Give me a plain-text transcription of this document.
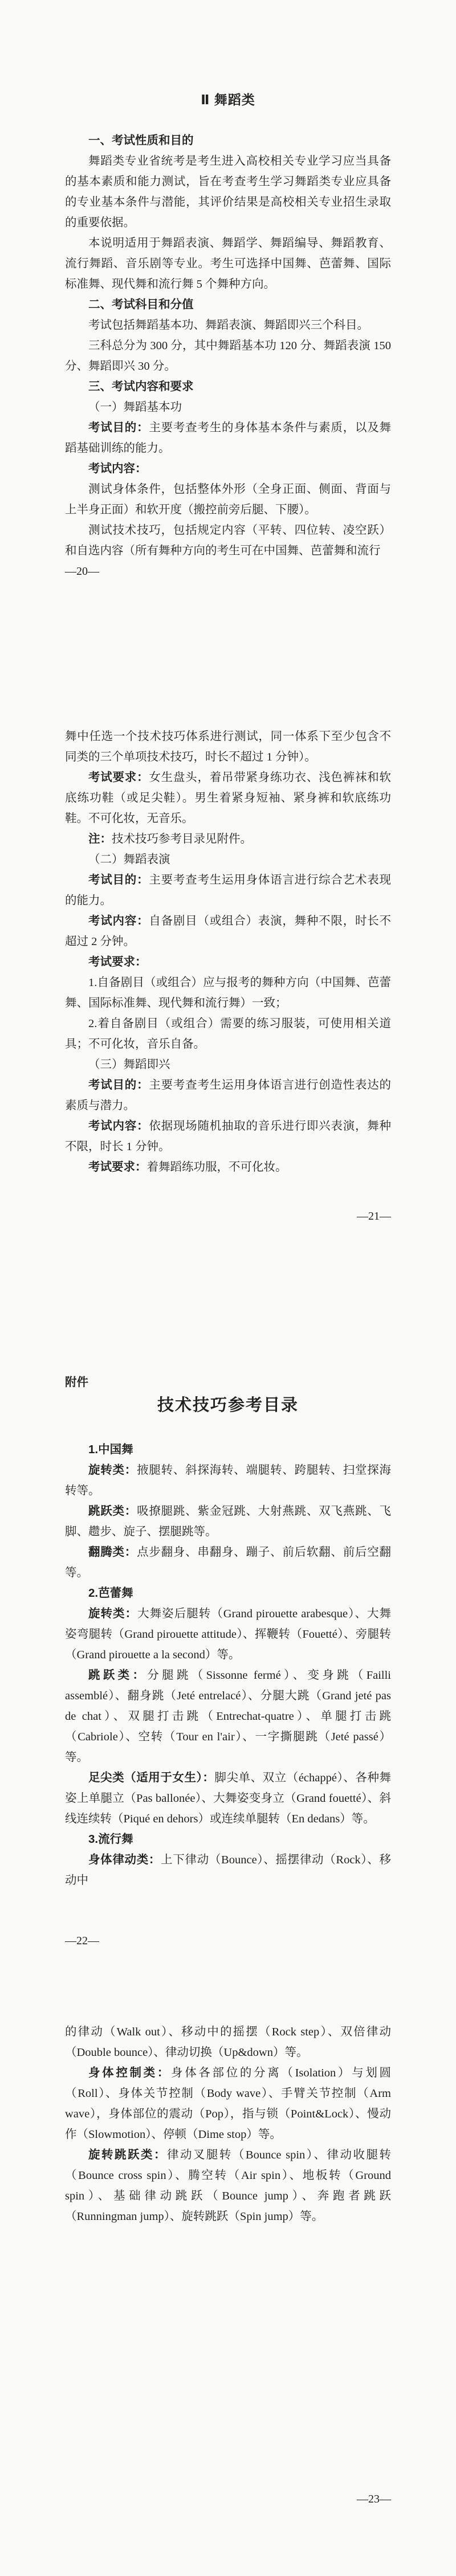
Ⅱ 舞蹈类

一、考试性质和目的

舞蹈类专业省统考是考生进入高校相关专业学习应当具备的基本素质和能力测试，旨在考查考生学习舞蹈类专业应具备的专业基本条件与潜能，其评价结果是高校相关专业招生录取的重要依据。

本说明适用于舞蹈表演、舞蹈学、舞蹈编导、舞蹈教育、流行舞蹈、音乐剧等专业。考生可选择中国舞、芭蕾舞、国际标准舞、现代舞和流行舞 5 个舞种方向。

二、考试科目和分值

考试包括舞蹈基本功、舞蹈表演、舞蹈即兴三个科目。

三科总分为 300 分，其中舞蹈基本功 120 分、舞蹈表演 150 分、舞蹈即兴 30 分。

三、考试内容和要求

（一）舞蹈基本功

考试目的：主要考查考生的身体基本条件与素质，以及舞蹈基础训练的能力。

考试内容：

测试身体条件，包括整体外形（全身正面、侧面、背面与上半身正面）和软开度（搬控前旁后腿、下腰）。

测试技术技巧，包括规定内容（平转、四位转、凌空跃）和自选内容（所有舞种方向的考生可在中国舞、芭蕾舞和流行

—20—

舞中任选一个技术技巧体系进行测试，同一体系下至少包含不同类的三个单项技术技巧，时长不超过 1 分钟）。

考试要求：女生盘头，着吊带紧身练功衣、浅色裤袜和软底练功鞋（或足尖鞋）。男生着紧身短袖、紧身裤和软底练功鞋。不可化妆，无音乐。

注：技术技巧参考目录见附件。

（二）舞蹈表演

考试目的：主要考查考生运用身体语言进行综合艺术表现的能力。

考试内容：自备剧目（或组合）表演，舞种不限，时长不超过 2 分钟。

考试要求：

1.自备剧目（或组合）应与报考的舞种方向（中国舞、芭蕾舞、国际标准舞、现代舞和流行舞）一致；

2.着自备剧目（或组合）需要的练习服装，可使用相关道具；不可化妆，音乐自备。

（三）舞蹈即兴

考试目的：主要考查考生运用身体语言进行创造性表达的素质与潜力。

考试内容：依据现场随机抽取的音乐进行即兴表演，舞种不限，时长 1 分钟。

考试要求：着舞蹈练功服，不可化妆。

—21—

附件

技术技巧参考目录

1.中国舞

旋转类：掖腿转、斜探海转、端腿转、跨腿转、扫堂探海转等。

跳跃类：吸撩腿跳、紫金冠跳、大射燕跳、双飞燕跳、飞脚、趱步、旋子、摆腿跳等。

翻腾类：点步翻身、串翻身、蹦子、前后软翻、前后空翻等。

2.芭蕾舞

旋转类：大舞姿后腿转（Grand pirouette arabesque）、大舞姿弯腿转（Grand pirouette attitude）、挥鞭转（Fouetté）、旁腿转（Grand pirouette a la second）等。

跳跃类：分腿跳（Sissonne fermé）、变身跳（Failli assemblé）、翻身跳（Jeté entrelacé）、分腿大跳（Grand jeté pas de chat）、双腿打击跳（Entrechat-quatre）、单腿打击跳（Cabriole）、空转（Tour en l'air）、一字撕腿跳（Jeté passé）等。

足尖类（适用于女生）：脚尖单、双立（échappé）、各种舞姿上单腿立（Pas ballonée）、大舞姿变身立（Grand fouetté）、斜线连续转（Piqué en dehors）或连续单腿转（En dedans）等。

3.流行舞

身体律动类：上下律动（Bounce）、摇摆律动（Rock）、移动中

—22—

的律动（Walk out）、移动中的摇摆（Rock step）、双倍律动（Double bounce）、律动切换（Up&down）等。

身体控制类：身体各部位的分离（Isolation）与划圆（Roll）、身体关节控制（Body wave）、手臂关节控制（Arm wave），身体部位的震动（Pop），指与锁（Point&Lock）、慢动作（Slowmotion）、停顿（Dime stop）等。

旋转跳跃类：律动叉腿转（Bounce spin）、律动收腿转（Bounce cross spin）、腾空转（Air spin）、地板转（Ground spin）、基础律动跳跃（Bounce jump）、奔跑者跳跃（Runningman jump）、旋转跳跃（Spin jump）等。

—23—
